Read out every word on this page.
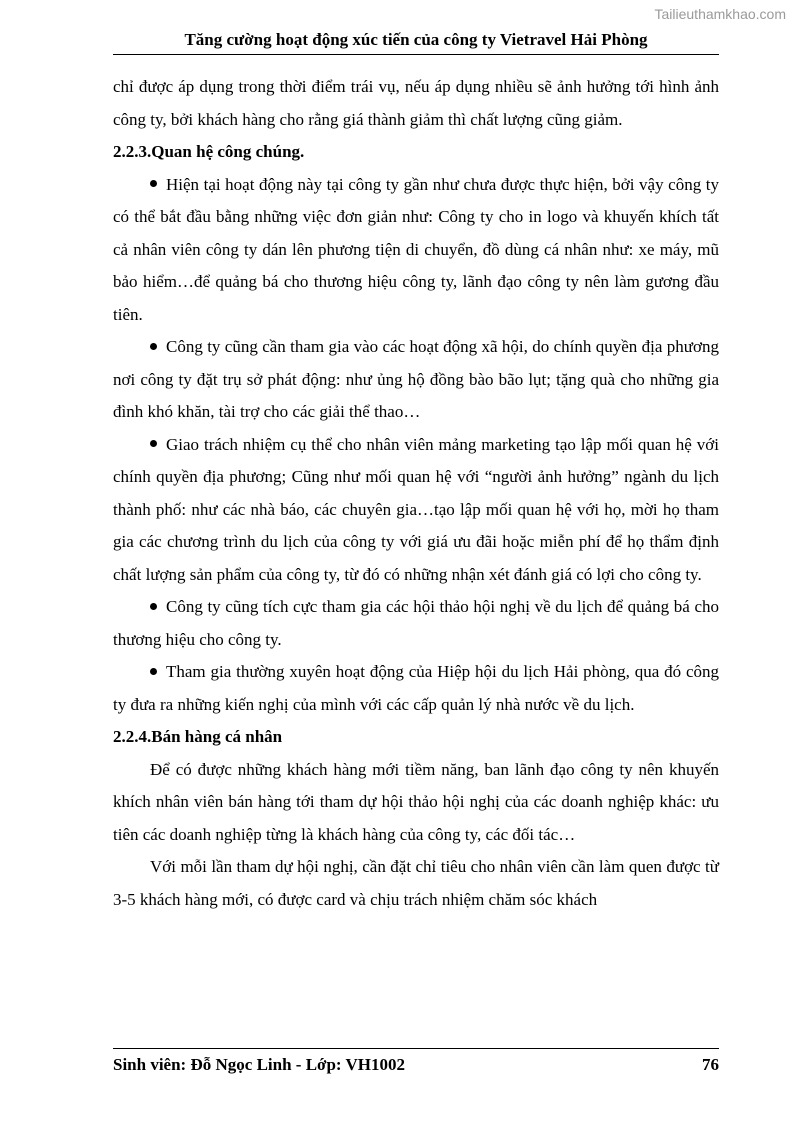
Tailieuthamkhao.com
Tăng cường hoạt động xúc tiến của công ty Vietravel Hải Phòng

chỉ được áp dụng trong thời điểm trái vụ, nếu áp dụng nhiều sẽ ảnh hưởng tới hình ảnh công ty, bởi khách hàng cho rằng giá thành giảm thì chất lượng cũng giảm.

2.2.3.Quan hệ công chúng.

Hiện tại hoạt động này tại công ty gần như chưa được thực hiện, bởi vậy công ty có thể bắt đầu bằng những việc đơn giản như: Công ty cho in logo và khuyến khích tất cả nhân viên công ty dán lên phương tiện di chuyển, đồ dùng cá nhân như: xe máy, mũ bảo hiểm…để quảng bá cho thương hiệu công ty, lãnh đạo công ty nên làm gương đầu tiên.

Công ty cũng cần tham gia vào các hoạt động xã hội, do chính quyền địa phương nơi công ty đặt trụ sở phát động: như ủng hộ đồng bào bão lụt; tặng quà cho những gia đình khó khăn, tài trợ cho các giải thể thao…

Giao trách nhiệm cụ thể cho nhân viên mảng marketing tạo lập mối quan hệ với chính quyền địa phương; Cũng như mối quan hệ với “người ảnh hưởng” ngành du lịch thành phố: như các nhà báo, các chuyên gia…tạo lập mối quan hệ với họ, mời họ tham gia các chương trình du lịch của công ty với giá ưu đãi hoặc miễn phí để họ thẩm định chất lượng sản phẩm của công ty, từ đó có những nhận xét đánh giá có lợi cho công ty.

Công ty cũng tích cực tham gia các hội thảo hội nghị về du lịch để quảng bá cho thương hiệu cho công ty.

Tham gia thường xuyên hoạt động của Hiệp hội du lịch Hải phòng, qua đó công ty đưa ra những kiến nghị của mình với các cấp quản lý nhà nước về du lịch.

2.2.4.Bán hàng cá nhân

Để có được những khách hàng mới tiềm năng, ban lãnh đạo công ty nên khuyến khích nhân viên bán hàng tới tham dự hội thảo hội nghị của các doanh nghiệp khác: ưu tiên các doanh nghiệp từng là khách hàng của công ty, các đối tác…

Với mỗi lần tham dự hội nghị, cần đặt chỉ tiêu cho nhân viên cần làm quen được từ 3-5 khách hàng mới, có được card và chịu trách nhiệm chăm sóc khách

Sinh viên: Đỗ Ngọc Linh - Lớp: VH1002	76
